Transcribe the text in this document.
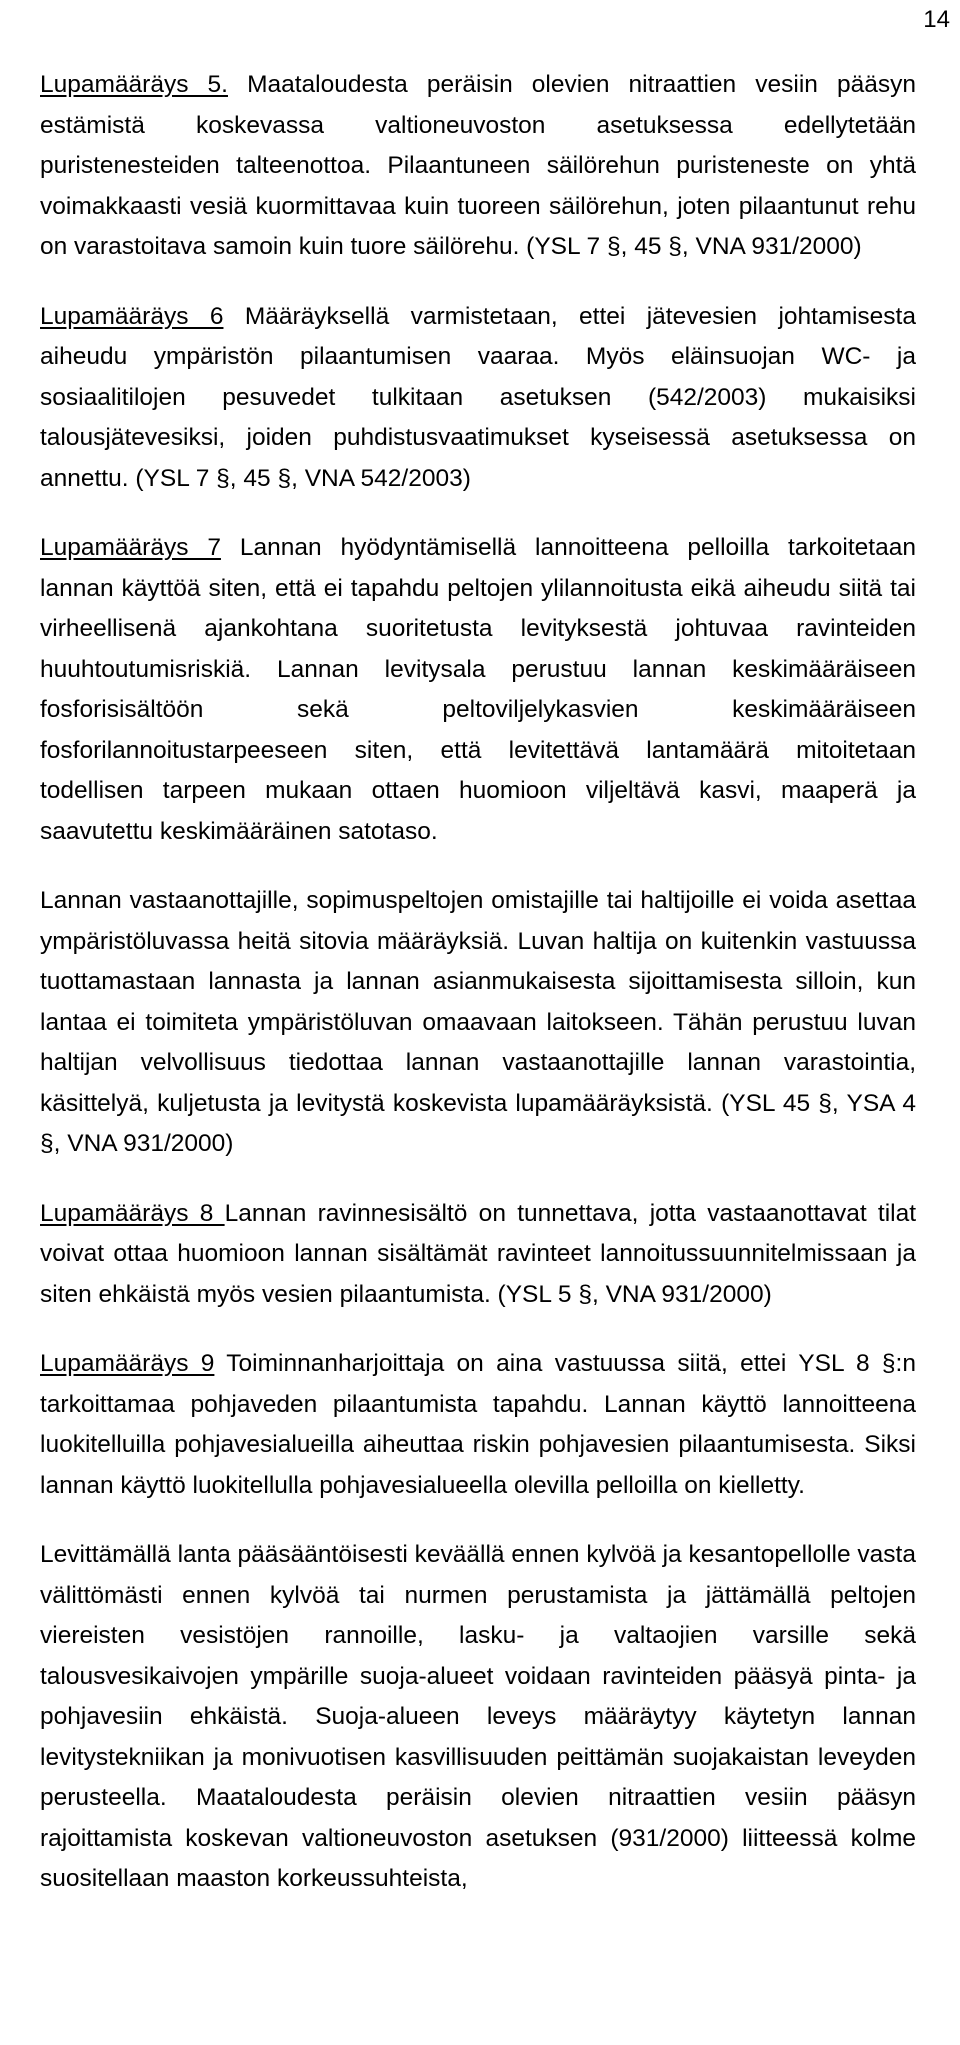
14

Lupamääräys 5. Maataloudesta peräisin olevien nitraattien vesiin pääsyn estämistä koskevassa valtioneuvoston asetuksessa edellytetään puristenesteiden talteenottoa. Pilaantuneen säilörehun puristeneste on yhtä voimakkaasti vesiä kuormittavaa kuin tuoreen säilörehun, joten pilaantunut rehu on varastoitava samoin kuin tuore säilörehu. (YSL 7 §, 45 §, VNA 931/2000)

Lupamääräys 6 Määräyksellä varmistetaan, ettei jätevesien johtamisesta aiheudu ympäristön pilaantumisen vaaraa. Myös eläinsuojan WC- ja sosiaalitilojen pesuvedet tulkitaan asetuksen (542/2003) mukaisiksi talousjätevesiksi, joiden puhdistusvaatimukset kyseisessä asetuksessa on annettu. (YSL 7 §, 45 §, VNA 542/2003)

Lupamääräys 7 Lannan hyödyntämisellä lannoitteena pelloilla tarkoitetaan lannan käyttöä siten, että ei tapahdu peltojen ylilannoitusta eikä aiheudu siitä tai virheellisenä ajankohtana suoritetusta levityksestä johtuvaa ravinteiden huuhtoutumisriskiä. Lannan levitysala perustuu lannan keskimääräiseen fosforisisältöön sekä peltoviljelykasvien keskimääräiseen fosforilannoitustarpeeseen siten, että levitettävä lantamäärä mitoitetaan todellisen tarpeen mukaan ottaen huomioon viljeltävä kasvi, maaperä ja saavutettu keskimääräinen satotaso.

Lannan vastaanottajille, sopimuspeltojen omistajille tai haltijoille ei voida asettaa ympäristöluvassa heitä sitovia määräyksiä. Luvan haltija on kuitenkin vastuussa tuottamastaan lannasta ja lannan asianmukaisesta sijoittamisesta silloin, kun lantaa ei toimiteta ympäristöluvan omaavaan laitokseen. Tähän perustuu luvan haltijan velvollisuus tiedottaa lannan vastaanottajille lannan varastointia, käsittelyä, kuljetusta ja levitystä koskevista lupamääräyksistä. (YSL 45 §, YSA 4 §, VNA 931/2000)

Lupamääräys 8 Lannan ravinnesisältö on tunnettava, jotta vastaanottavat tilat voivat ottaa huomioon lannan sisältämät ravinteet lannoitussuunnitelmissaan ja siten ehkäistä myös vesien pilaantumista. (YSL 5 §, VNA 931/2000)

Lupamääräys 9 Toiminnanharjoittaja on aina vastuussa siitä, ettei YSL 8 §:n tarkoittamaa pohjaveden pilaantumista tapahdu. Lannan käyttö lannoitteena luokitelluilla pohjavesialueilla aiheuttaa riskin pohjavesien pilaantumisesta. Siksi lannan käyttö luokitellulla pohjavesialueella olevilla pelloilla on kielletty.

Levittämällä lanta pääsääntöisesti keväällä ennen kylvöä ja kesantopellolle vasta välittömästi ennen kylvöä tai nurmen perustamista ja jättämällä peltojen viereisten vesistöjen rannoille, lasku- ja valtaojien varsille sekä talousvesikaivojen ympärille suoja-alueet voidaan ravinteiden pääsyä pinta- ja pohjavesiin ehkäistä. Suoja-alueen leveys määräytyy käytetyn lannan levitystekniikan ja monivuotisen kasvillisuuden peittämän suojakaistan leveyden perusteella. Maataloudesta peräisin olevien nitraattien vesiin pääsyn rajoittamista koskevan valtioneuvoston asetuksen (931/2000) liitteessä kolme suositellaan maaston korkeussuhteista,
